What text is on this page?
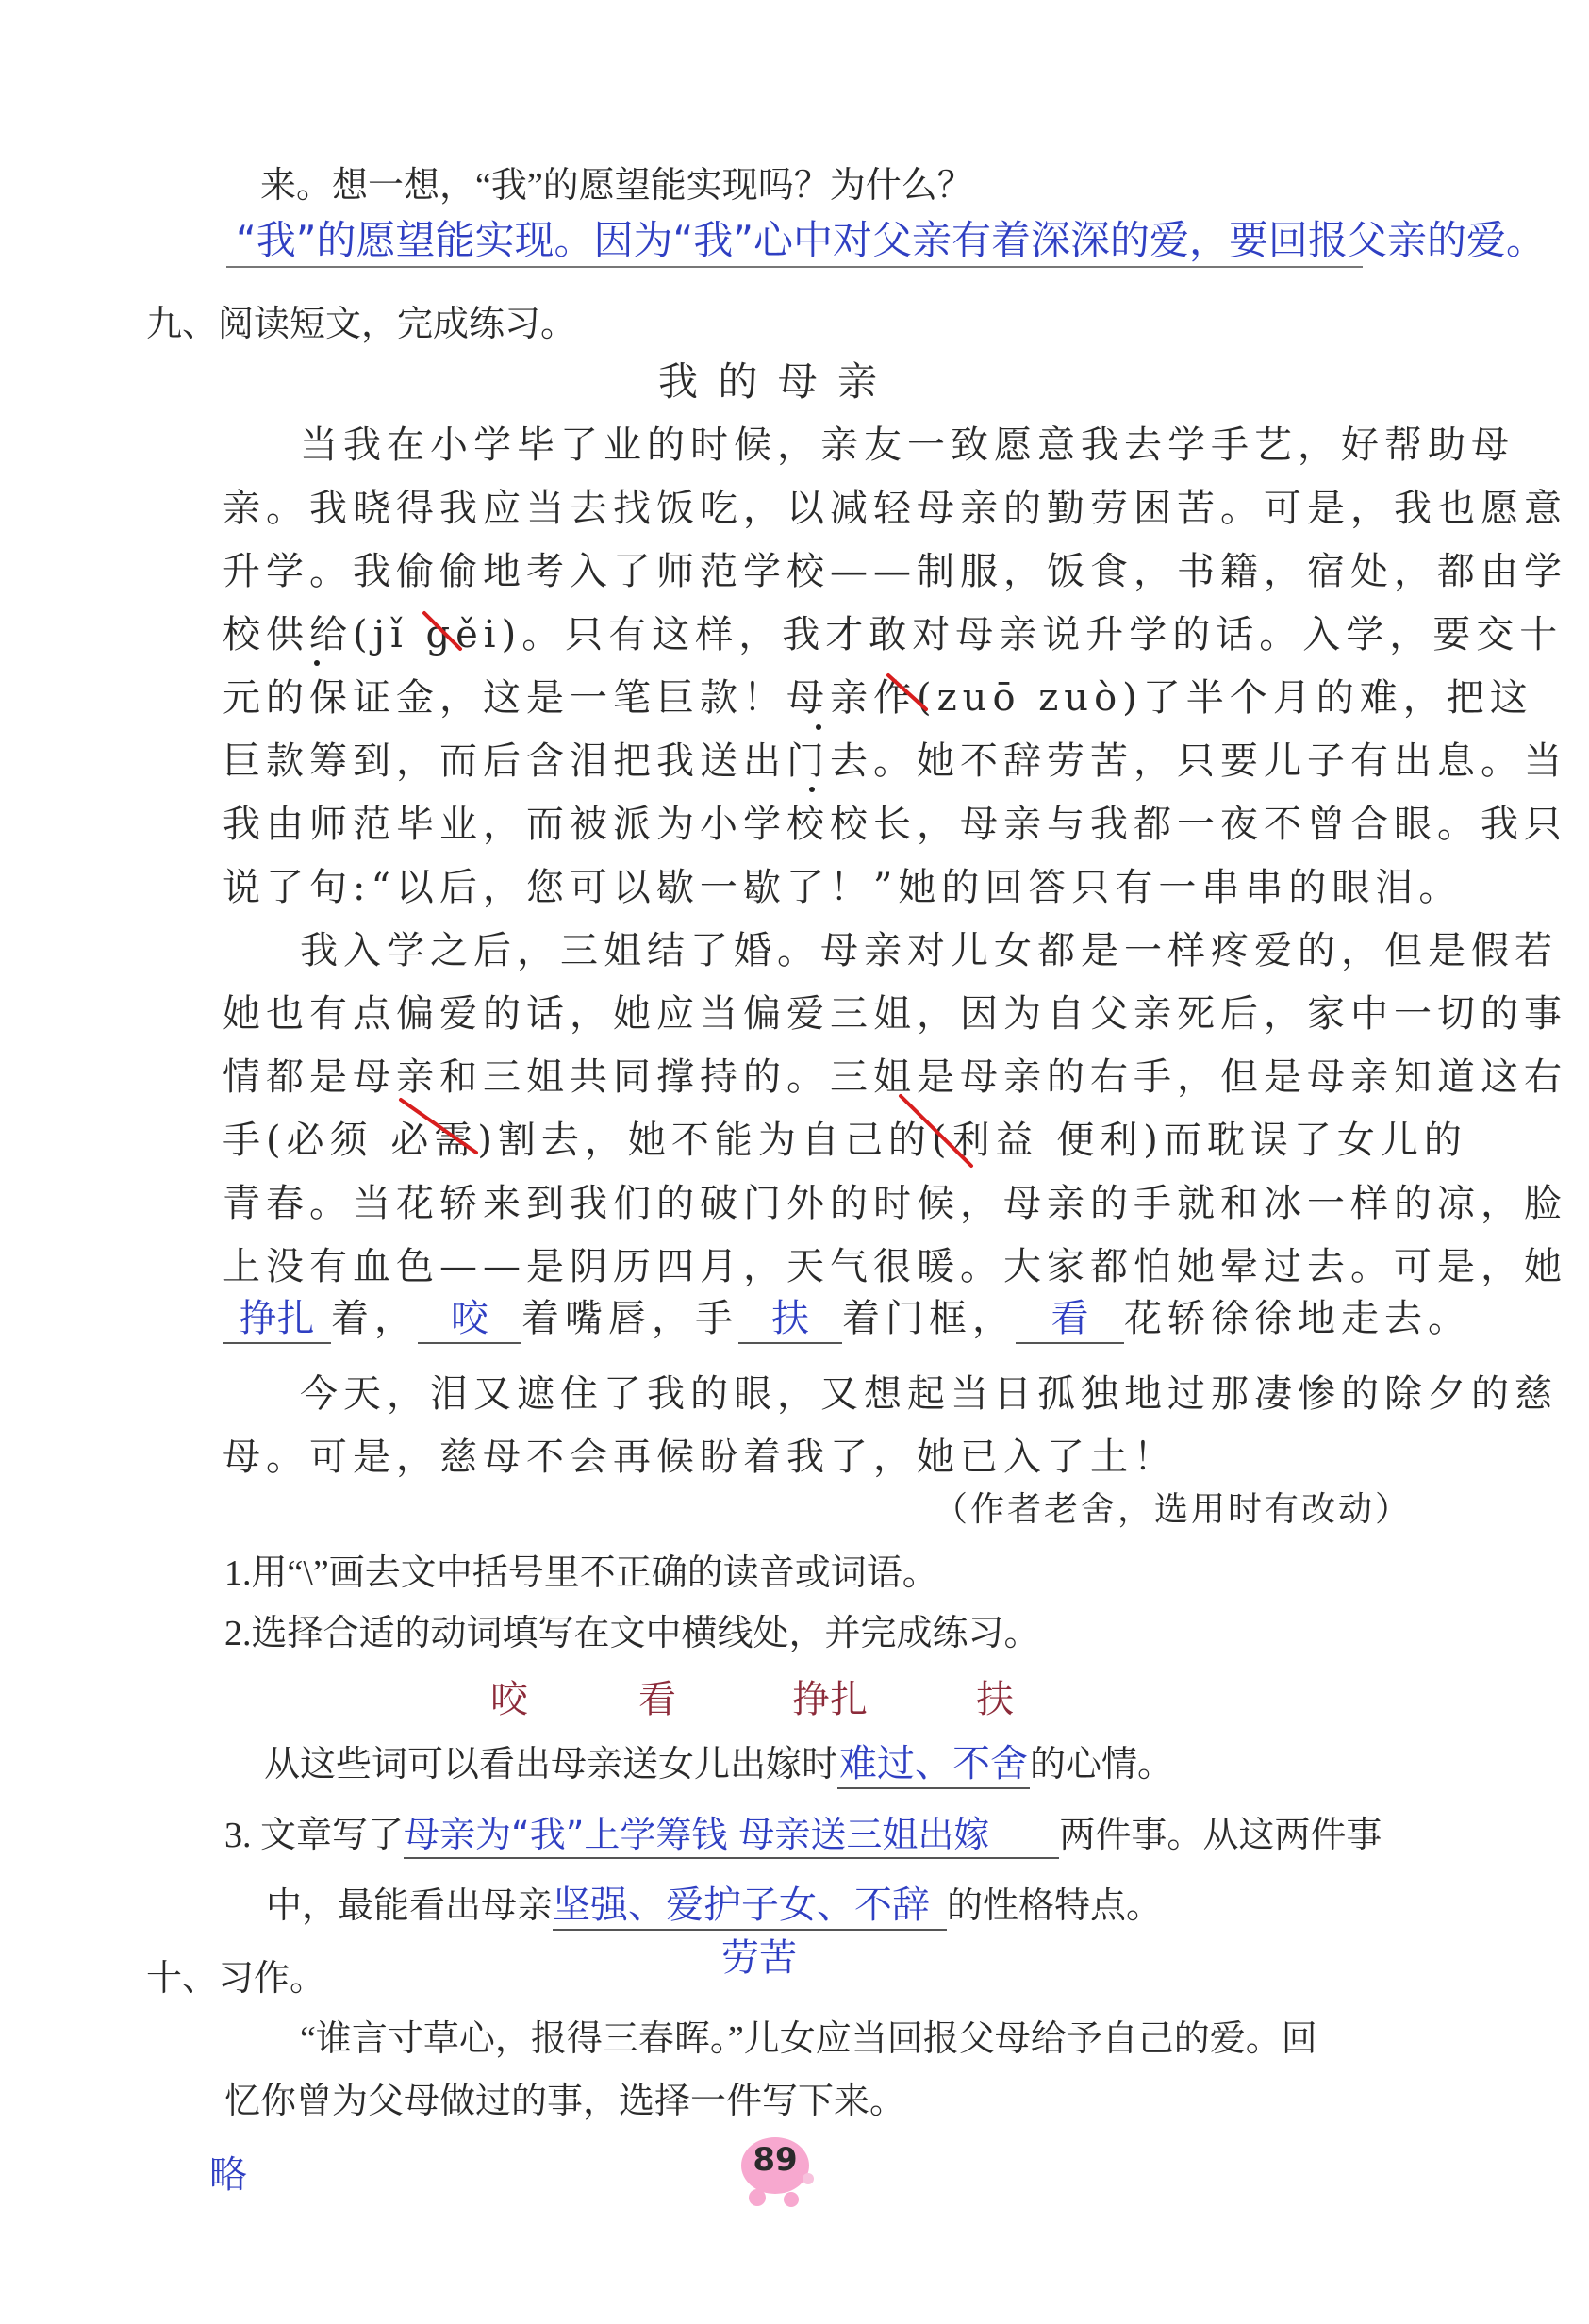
来。想一想，“我”的愿望能实现吗？为什么？
“我”的愿望能实现。因为“我”心中对父亲有着深深的爱，要回报父亲的爱。
九、阅读短文，完成练习。
我 的 母 亲
当我在小学毕了业的时候，亲友一致愿意我去学手艺，好帮助母
亲。我晓得我应当去找饭吃，以减轻母亲的勤劳困苦。可是，我也愿意
升学。我偷偷地考入了师范学校——制服，饭食，书籍，宿处，都由学
校供给(jǐ gěi)。只有这样，我才敢对母亲说升学的话。入学，要交十
元的保证金，这是一笔巨款！母亲作(zuō zuò)了半个月的难，把这
巨款筹到，而后含泪把我送出门去。她不辞劳苦，只要儿子有出息。当
我由师范毕业，而被派为小学校校长，母亲与我都一夜不曾合眼。我只
说了句:“以后，您可以歇一歇了！”她的回答只有一串串的眼泪。
我入学之后，三姐结了婚。母亲对儿女都是一样疼爱的，但是假若
她也有点偏爱的话，她应当偏爱三姐，因为自父亲死后，家中一切的事
情都是母亲和三姐共同撑持的。三姐是母亲的右手，但是母亲知道这右
手(必须 必需)割去，她不能为自己的(利益 便利)而耽误了女儿的
青春。当花轿来到我们的破门外的时候，母亲的手就和冰一样的凉，脸
上没有血色——是阴历四月，天气很暖。大家都怕她晕过去。可是，她
挣扎 着， 咬 着嘴唇，手 扶 着门框， 看 花轿徐徐地走去。
今天，泪又遮住了我的眼，又想起当日孤独地过那凄惨的除夕的慈
母。可是，慈母不会再候盼着我了，她已入了土！
（作者老舍，选用时有改动）
1.用“\”画去文中括号里不正确的读音或词语。
2.选择合适的动词填写在文中横线处，并完成练习。
咬	看	挣扎	扶
从这些词可以看出母亲送女儿出嫁时难过、不舍的心情。
3. 文章写了母亲为“我”上学筹钱 母亲送三姐出嫁 两件事。从这两件事
中，最能看出母亲坚强、爱护子女、不辞 的性格特点。
劳苦
十、习作。
“谁言寸草心，报得三春晖。”儿女应当回报父母给予自己的爱。回
忆你曾为父母做过的事，选择一件写下来。
略	89
